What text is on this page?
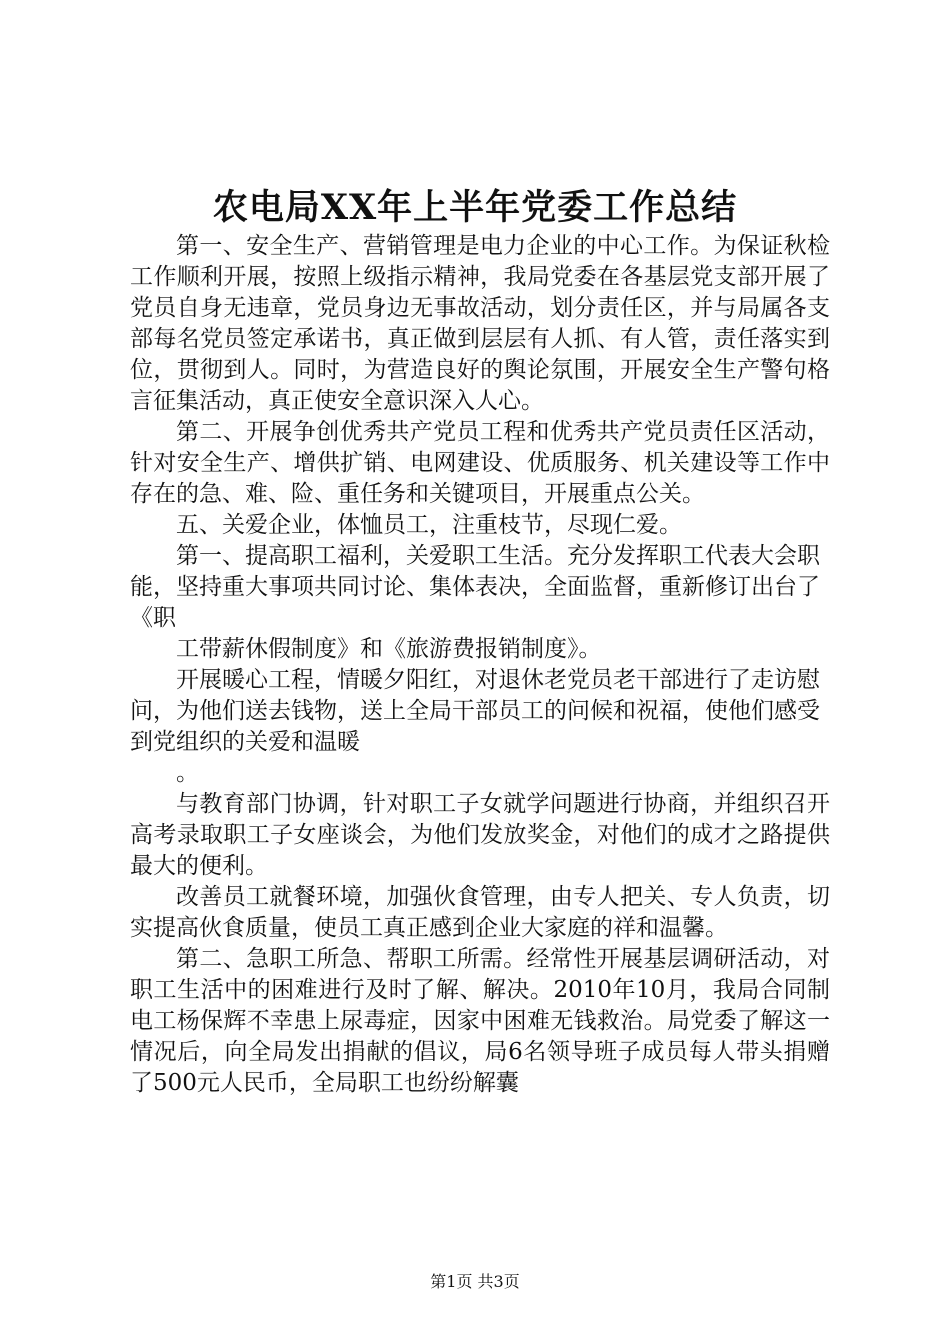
农电局XX年上半年党委工作总结

第一、安全生产、营销管理是电力企业的中心工作。为保证秋检工作顺利开展，按照上级指示精神，我局党委在各基层党支部开展了党员自身无违章，党员身边无事故活动，划分责任区，并与局属各支部每名党员签定承诺书，真正做到层层有人抓、有人管，责任落实到位，贯彻到人。同时，为营造良好的舆论氛围，开展安全生产警句格言征集活动，真正使安全意识深入人心。

第二、开展争创优秀共产党员工程和优秀共产党员责任区活动，针对安全生产、增供扩销、电网建设、优质服务、机关建设等工作中存在的急、难、险、重任务和关键项目，开展重点公关。

五、关爱企业，体恤员工，注重枝节，尽现仁爱。

第一、提高职工福利，关爱职工生活。充分发挥职工代表大会职能，坚持重大事项共同讨论、集体表决，全面监督，重新修订出台了《职

工带薪休假制度》和《旅游费报销制度》。

开展暖心工程，情暖夕阳红，对退休老党员老干部进行了走访慰问，为他们送去钱物，送上全局干部员工的问候和祝福，使他们感受到党组织的关爱和温暖

。

与教育部门协调，针对职工子女就学问题进行协商，并组织召开高考录取职工子女座谈会，为他们发放奖金，对他们的成才之路提供最大的便利。

改善员工就餐环境，加强伙食管理，由专人把关、专人负责，切实提高伙食质量，使员工真正感到企业大家庭的祥和温馨。

第二、急职工所急、帮职工所需。经常性开展基层调研活动，对职工生活中的困难进行及时了解、解决。2010年10月，我局合同制电工杨保辉不幸患上尿毒症，因家中困难无钱救治。局党委了解这一情况后，向全局发出捐献的倡议，局6名领导班子成员每人带头捐赠了500元人民币，全局职工也纷纷解囊

第1页 共3页
